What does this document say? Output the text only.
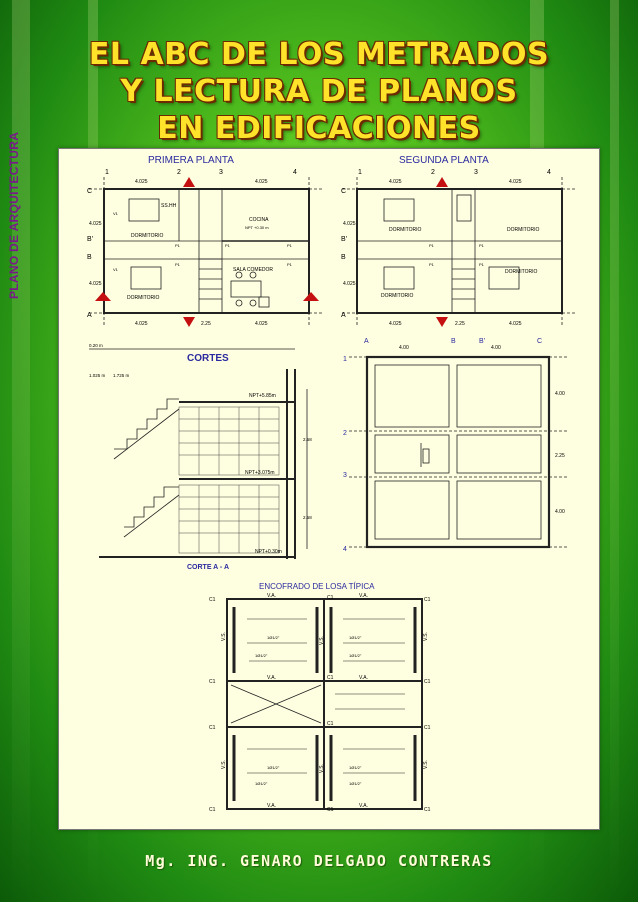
EL ABC DE LOS METRADOS
Y LECTURA DE PLANOS
EN EDIFICACIONES
PLANO DE ARQUITECTURA	PRIMERA PLANTA
1	2	3	4
C
B'
B
A
4.025	4.025
4.025
4.025
4.025	2.25	4.025
SS.HH
COCINA
NPT +0.30 m
DORMITORIO
SALA COMEDOR
DORMITORIO
P1	P1	P1
P1	P1
V1
V1
SEGUNDA PLANTA
1	2	3	4
C
B'
B
A
4.025	4.025
4.025
4.025
4.025	2.25	4.025
DORMITORIO	DORMITORIO
DORMITORIO
DORMITORIO
P1	P1
P1	P1
0.20 m
1.025 m 1.725 m
CORTES
NPT+5.85m
NPT+3.075m
NPT+0.30m
2.58
2.58
CORTE A - A
A	B	B'	C
1
2
3
4
4.00	4.00
4.00
2.25
4.00
ENCOFRADO DE LOSA TÍPICA
C1	C1	C1
C1
C1
C1
C1
C1
C1
C1	C1	C1
V.A.	V.A.
V.A.	V.A.
V.A.	V.A.
V.S.	V.S.	V.S.
V.S.	V.S.	V.S.
1Ø1/2"
1Ø1/2"
1Ø1/2"
1Ø1/2"
1Ø1/2"
1Ø1/2"
1Ø1/2"
1Ø1/2"
Mg. ING. GENARO DELGADO CONTRERAS
